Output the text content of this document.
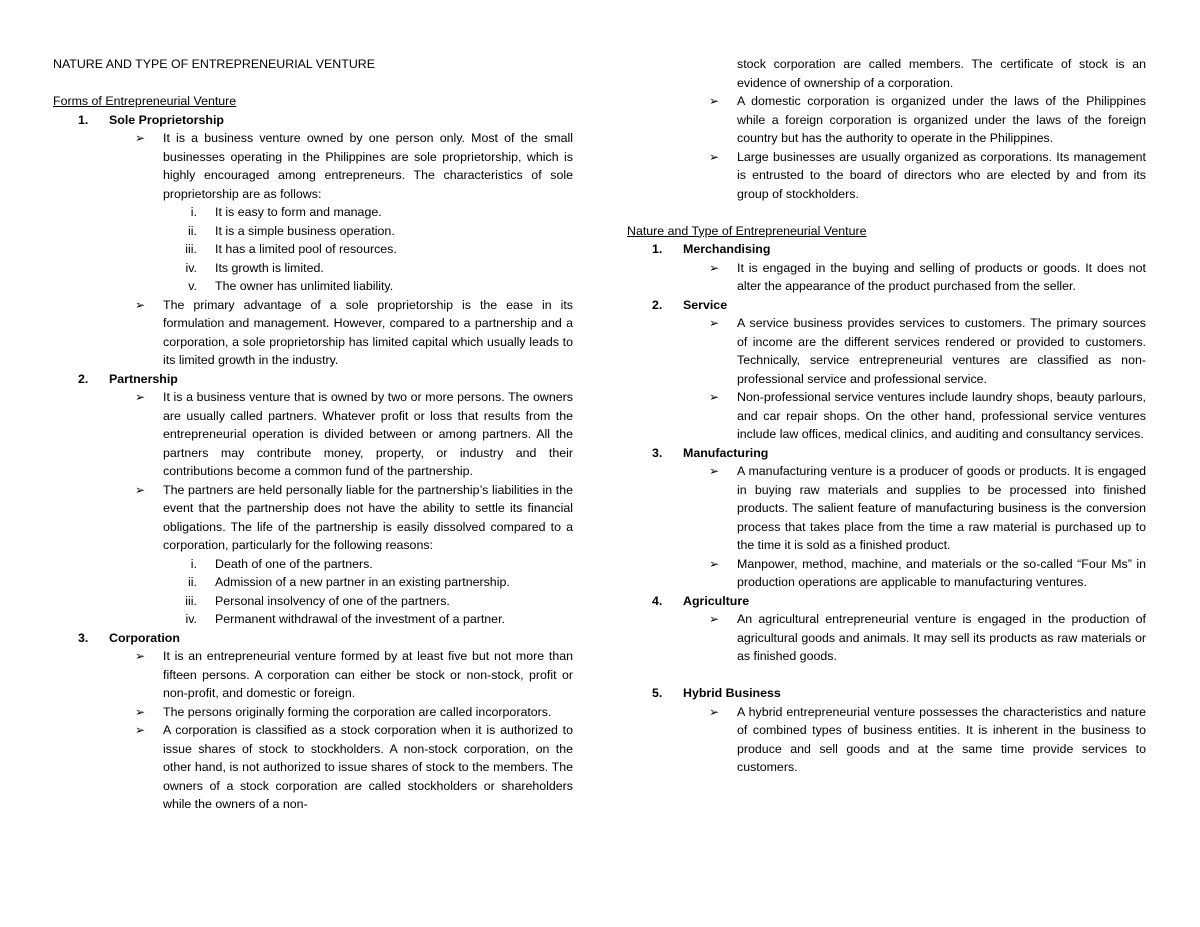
NATURE AND TYPE OF ENTREPRENEURIAL VENTURE
Forms of Entrepreneurial Venture
1.	Sole Proprietorship
➢	It is a business venture owned by one person only. Most of the small businesses operating in the Philippines are sole proprietorship, which is highly encouraged among entrepreneurs. The characteristics of sole proprietorship are as follows:
i.	It is easy to form and manage.
ii.	It is a simple business operation.
iii.	It has a limited pool of resources.
iv.	Its growth is limited.
v.	The owner has unlimited liability.
➢	The primary advantage of a sole proprietorship is the ease in its formulation and management. However, compared to a partnership and a corporation, a sole proprietorship has limited capital which usually leads to its limited growth in the industry.
2.	Partnership
➢	It is a business venture that is owned by two or more persons. The owners are usually called partners. Whatever profit or loss that results from the entrepreneurial operation is divided between or among partners. All the partners may contribute money, property, or industry and their contributions become a common fund of the partnership.
➢	The partners are held personally liable for the partnership’s liabilities in the event that the partnership does not have the ability to settle its financial obligations. The life of the partnership is easily dissolved compared to a corporation, particularly for the following reasons:
i.	Death of one of the partners.
ii.	Admission of a new partner in an existing partnership.
iii.	Personal insolvency of one of the partners.
iv.	Permanent withdrawal of the investment of a partner.
3.	Corporation
➢	It is an entrepreneurial venture formed by at least five but not more than fifteen persons. A corporation can either be stock or non-stock, profit or non-profit, and domestic or foreign.
➢	The persons originally forming the corporation are called incorporators.
➢	A corporation is classified as a stock corporation when it is authorized to issue shares of stock to stockholders. A non-stock corporation, on the other hand, is not authorized to issue shares of stock to the members. The owners of a stock corporation are called stockholders or shareholders while the owners of a non-
stock corporation are called members. The certificate of stock is an evidence of ownership of a corporation.
➢	A domestic corporation is organized under the laws of the Philippines while a foreign corporation is organized under the laws of the foreign country but has the authority to operate in the Philippines.
➢	Large businesses are usually organized as corporations. Its management is entrusted to the board of directors who are elected by and from its group of stockholders.
Nature and Type of Entrepreneurial Venture
1.	Merchandising
➢	It is engaged in the buying and selling of products or goods. It does not alter the appearance of the product purchased from the seller.
2.	Service
➢	A service business provides services to customers. The primary sources of income are the different services rendered or provided to customers. Technically, service entrepreneurial ventures are classified as non-professional service and professional service.
➢	Non-professional service ventures include laundry shops, beauty parlours, and car repair shops. On the other hand, professional service ventures include law offices, medical clinics, and auditing and consultancy services.
3.	Manufacturing
➢	A manufacturing venture is a producer of goods or products. It is engaged in buying raw materials and supplies to be processed into finished products. The salient feature of manufacturing business is the conversion process that takes place from the time a raw material is purchased up to the time it is sold as a finished product.
➢	Manpower, method, machine, and materials or the so-called “Four Ms” in production operations are applicable to manufacturing ventures.
4.	Agriculture
➢	An agricultural entrepreneurial venture is engaged in the production of agricultural goods and animals. It may sell its products as raw materials or as finished goods.
5.	Hybrid Business
➢	A hybrid entrepreneurial venture possesses the characteristics and nature of combined types of business entities. It is inherent in the business to produce and sell goods and at the same time provide services to customers.
